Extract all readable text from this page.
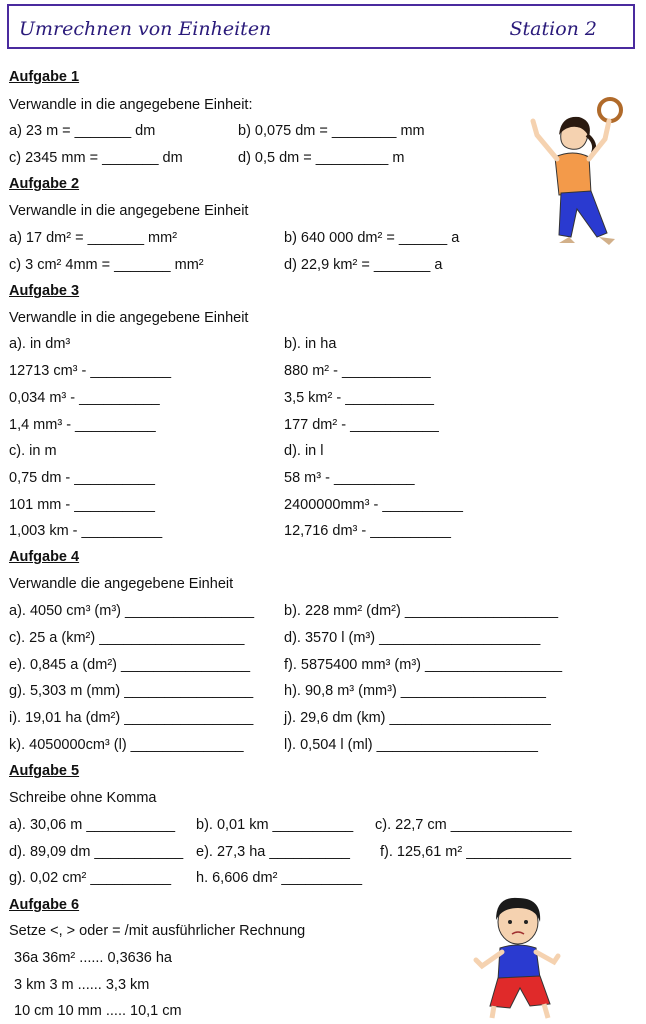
Umrechnen von Einheiten	Station 2
Aufgabe 1
Verwandle in die angegebene Einheit:
a) 23 m = _______ dm	b) 0,075 dm = ________ mm
c) 2345 mm = _______ dm	d) 0,5 dm = _________ m
Aufgabe 2
Verwandle in die angegebene Einheit
a) 17 dm² = _______ mm²	b) 640 000 dm² = ______ a
c) 3 cm² 4mm = _______ mm²	d) 22,9 km² = _______ a
Aufgabe 3
Verwandle in die angegebene Einheit
a). in dm³	b). in ha
12713 cm³ - __________	880 m² - ___________
0,034 m³ - __________	3,5 km² - ___________
1,4 mm³ - __________	177 dm² - ___________
c). in m	d). in l
0,75 dm - __________	58 m³ - __________
101 mm - __________	2400000mm³ - __________
1,003 km - __________	12,716 dm³ - __________
Aufgabe 4
Verwandle die angegebene Einheit
a). 4050 cm³ (m³) ________________ b). 228 mm² (dm²) ___________________
c). 25 a (km²) __________________	d). 3570 l (m³) ____________________
e). 0,845 a (dm²) ________________ f). 5875400 mm³ (m³) _________________
g). 5,303 m (mm) ________________ h). 90,8 m³ (mm³) __________________
i). 19,01 ha (dm²) ________________ j). 29,6 dm (km) ____________________
k). 4050000cm³ (l) ______________	l). 0,504 l (ml) ____________________
Aufgabe 5
Schreibe ohne Komma
a). 30,06 m ___________ b). 0,01 km __________ c). 22,7 cm _______________
d). 89,09 dm ___________ e). 27,3 ha __________ f). 125,61 m² _____________
g). 0,02 cm² __________ h. 6,606 dm² __________
Aufgabe 6
Setze <, > oder = /mit ausführlicher Rechnung
36a 36m² ...... 0,3636 ha
3 km 3 m ...... 3,3 km
10 cm 10 mm ..... 10,1 cm
